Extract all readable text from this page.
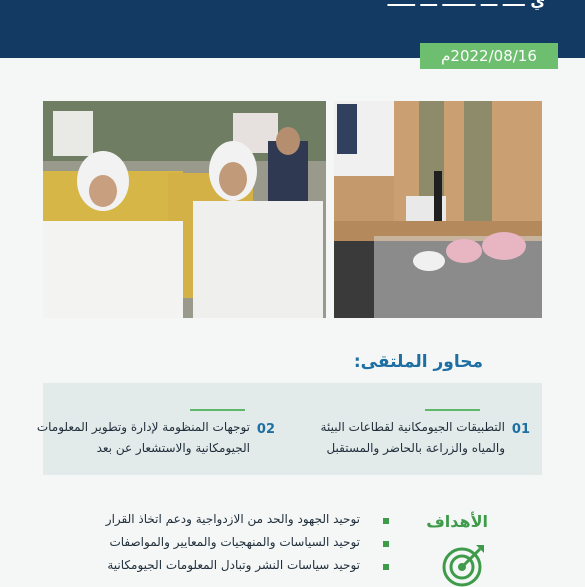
ي ــــ ـــ ــــــ ـــ ـــــ
2022/08/16م
محاور الملتقى:
01
التطبيقات الجيومكانية لقطاعات البيئة
والمياه والزراعة بالحاضر والمستقبل
02
توجهات المنظومة لإدارة وتطوير المعلومات
الجيومكانية والاستشعار عن بعد
الأهداف
توحيد الجهود والحد من الازدواجية ودعم اتخاذ القرار
توحيد السياسات والمنهجيات والمعايير والمواصفات
توحيد سياسات النشر وتبادل المعلومات الجيومكانية
